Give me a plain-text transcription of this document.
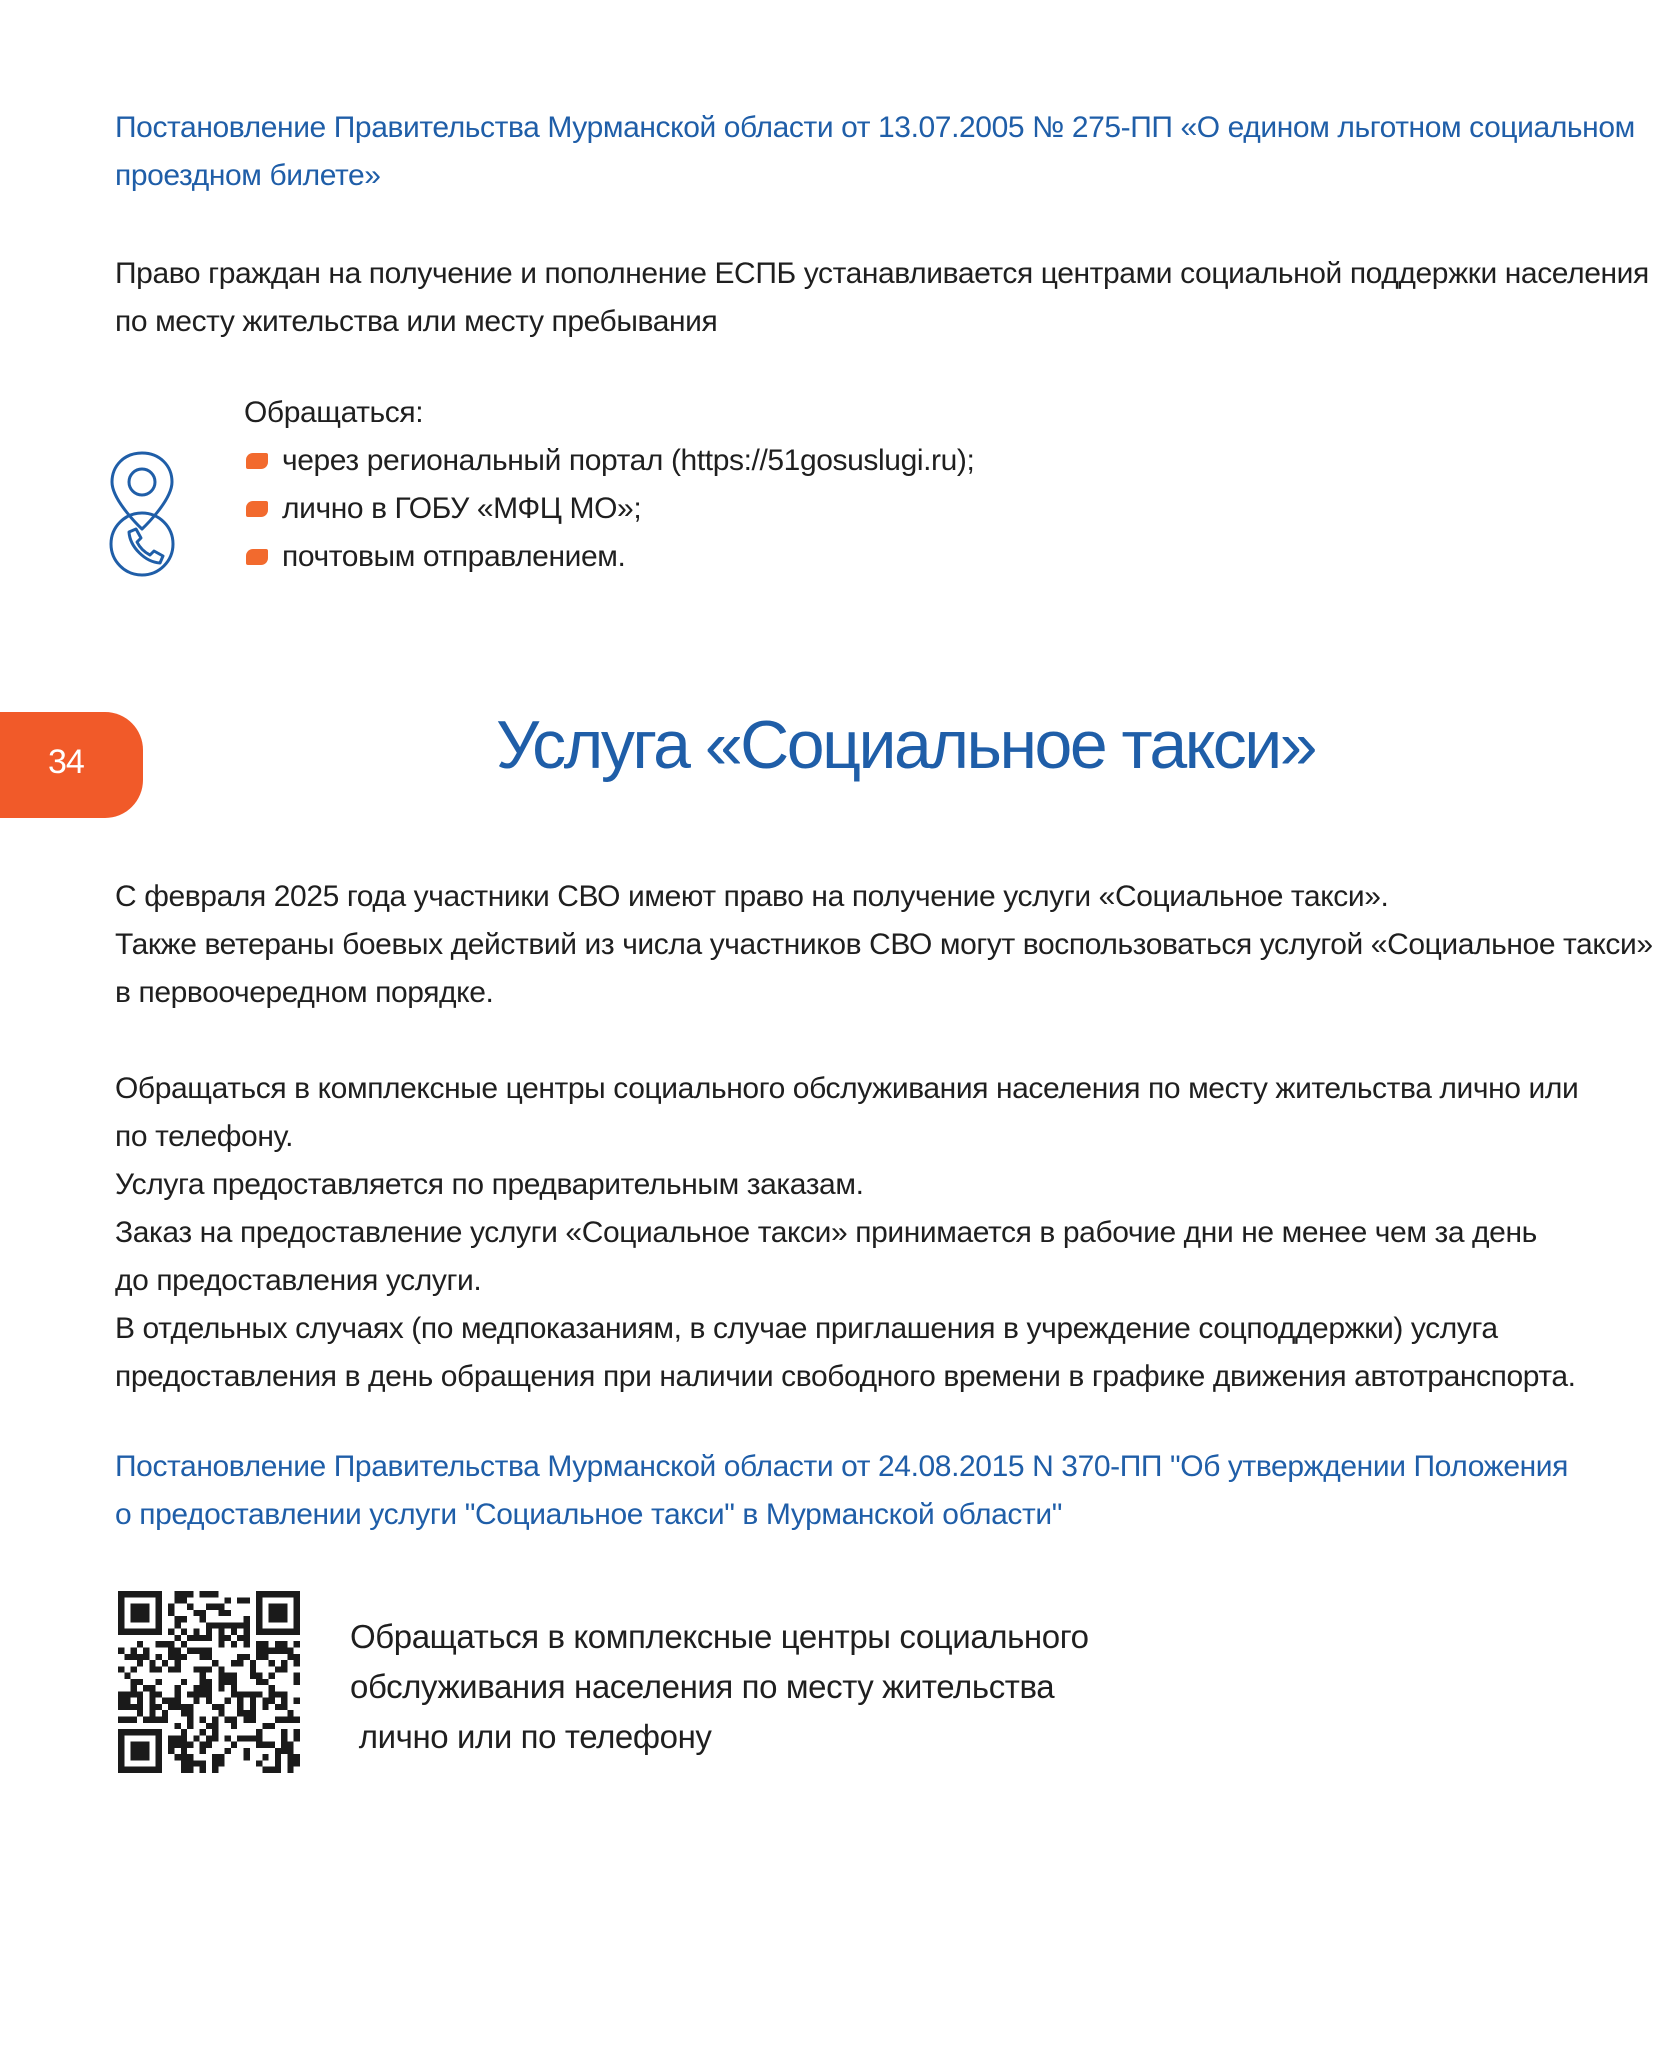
Постановление Правительства Мурманской области от 13.07.2005 № 275-ПП «О едином льготном социальном
проездном билете»
Право граждан на получение и пополнение ЕСПБ устанавливается центрами социальной поддержки населения
по месту жительства или месту пребывания
Обращаться:
через региональный портал (https://51gosuslugi.ru);
лично в ГОБУ «МФЦ МО»;
почтовым отправлением.
34	Услуга «Социальное такси»
С февраля 2025 года участники СВО имеют право на получение услуги «Социальное такси».
Также ветераны боевых действий из числа участников СВО могут воспользоваться услугой «Социальное такси»
в первоочередном порядке.
Обращаться в комплексные центры социального обслуживания населения по месту жительства лично или
по телефону.
Услуга предоставляется по предварительным заказам.
Заказ на предоставление услуги «Социальное такси» принимается в рабочие дни не менее чем за день
до предоставления услуги.
В отдельных случаях (по медпоказаниям, в случае приглашения в учреждение соцподдержки) услуга
предоставления в день обращения при наличии свободного времени в графике движения автотранспорта.
Постановление Правительства Мурманской области от 24.08.2015 N 370-ПП "Об утверждении Положения
о предоставлении услуги "Социальное такси" в Мурманской области"
Обращаться в комплексные центры социального
обслуживания населения по месту жительства
лично или по телефону
